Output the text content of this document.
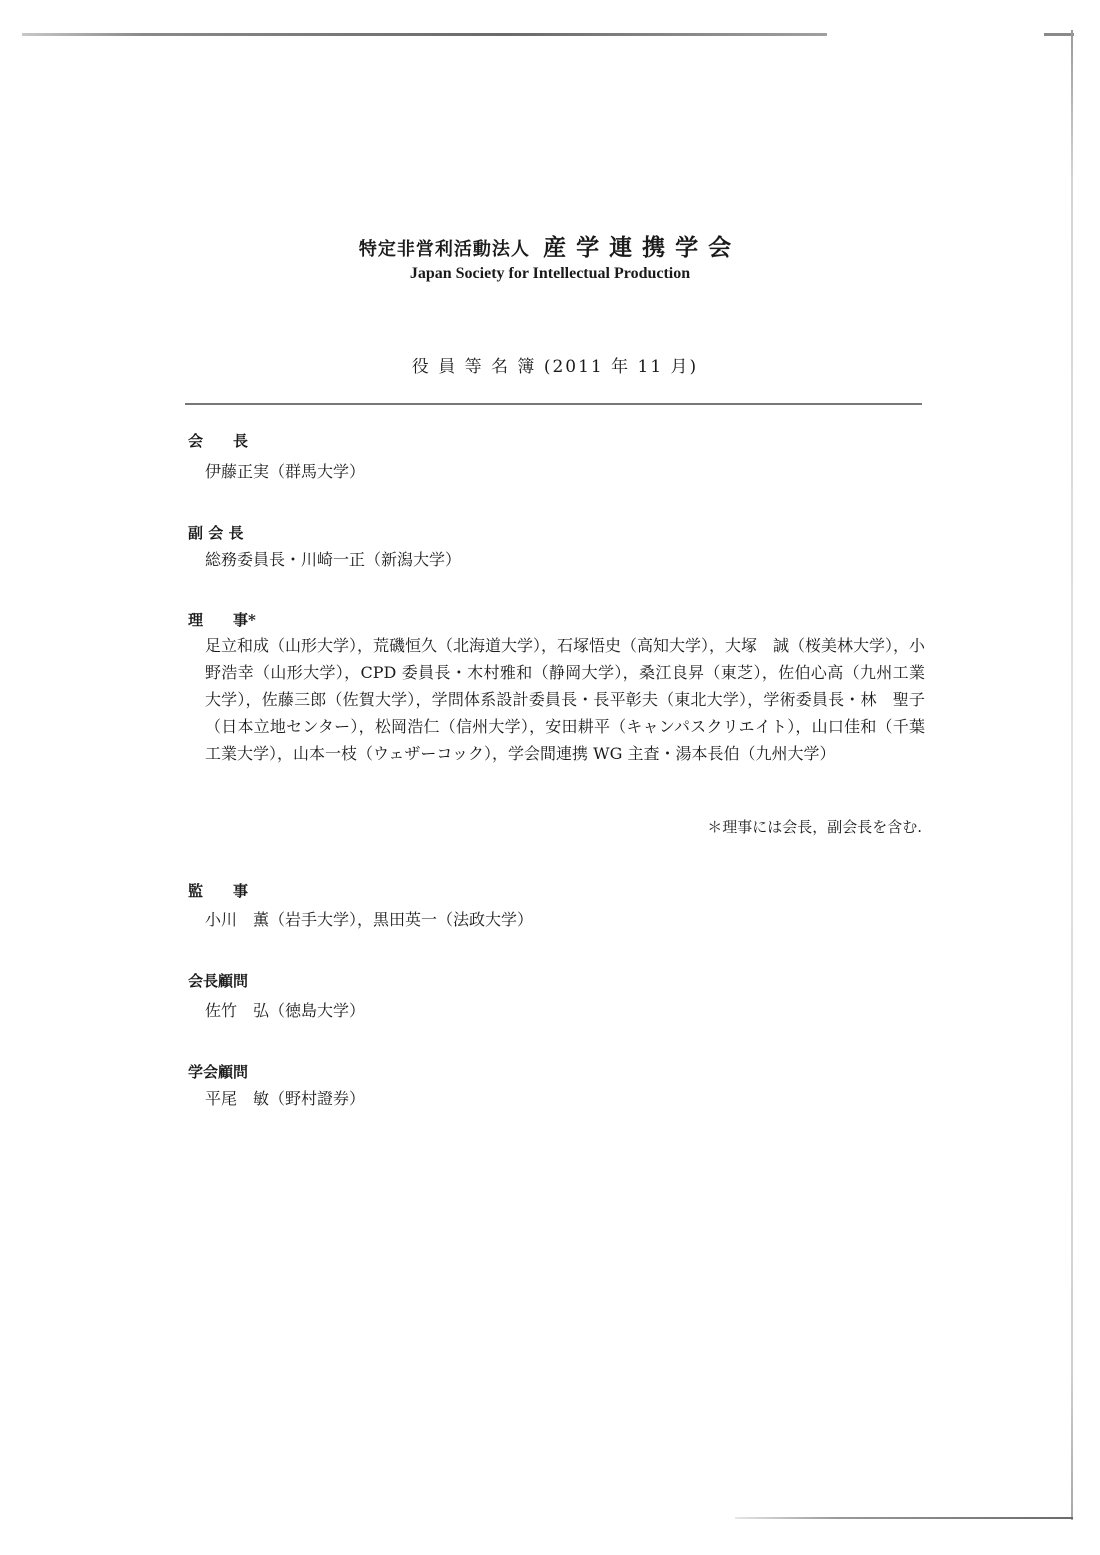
特定非営利活動法人 産学連携学会
Japan Society for Intellectual Production
役 員 等 名 簿 (2011 年 11 月)
会　　長
伊藤正実（群馬大学）
副 会 長
総務委員長・川崎一正（新潟大学）
理　　事*
足立和成（山形大学），荒磯恒久（北海道大学），石塚悟史（高知大学），大塚　誠（桜美林大学），小野浩幸（山形大学），CPD 委員長・木村雅和（静岡大学），桑江良昇（東芝），佐伯心高（九州工業大学），佐藤三郎（佐賀大学），学問体系設計委員長・長平彰夫（東北大学），学術委員長・林　聖子（日本立地センター），松岡浩仁（信州大学），安田耕平（キャンパスクリエイト），山口佳和（千葉工業大学），山本一枝（ウェザーコック），学会間連携 WG 主査・湯本長伯（九州大学）
＊理事には会長，副会長を含む.
監　　事
小川　薫（岩手大学），黒田英一（法政大学）
会長顧問
佐竹　弘（徳島大学）
学会顧問
平尾　敏（野村證券）
